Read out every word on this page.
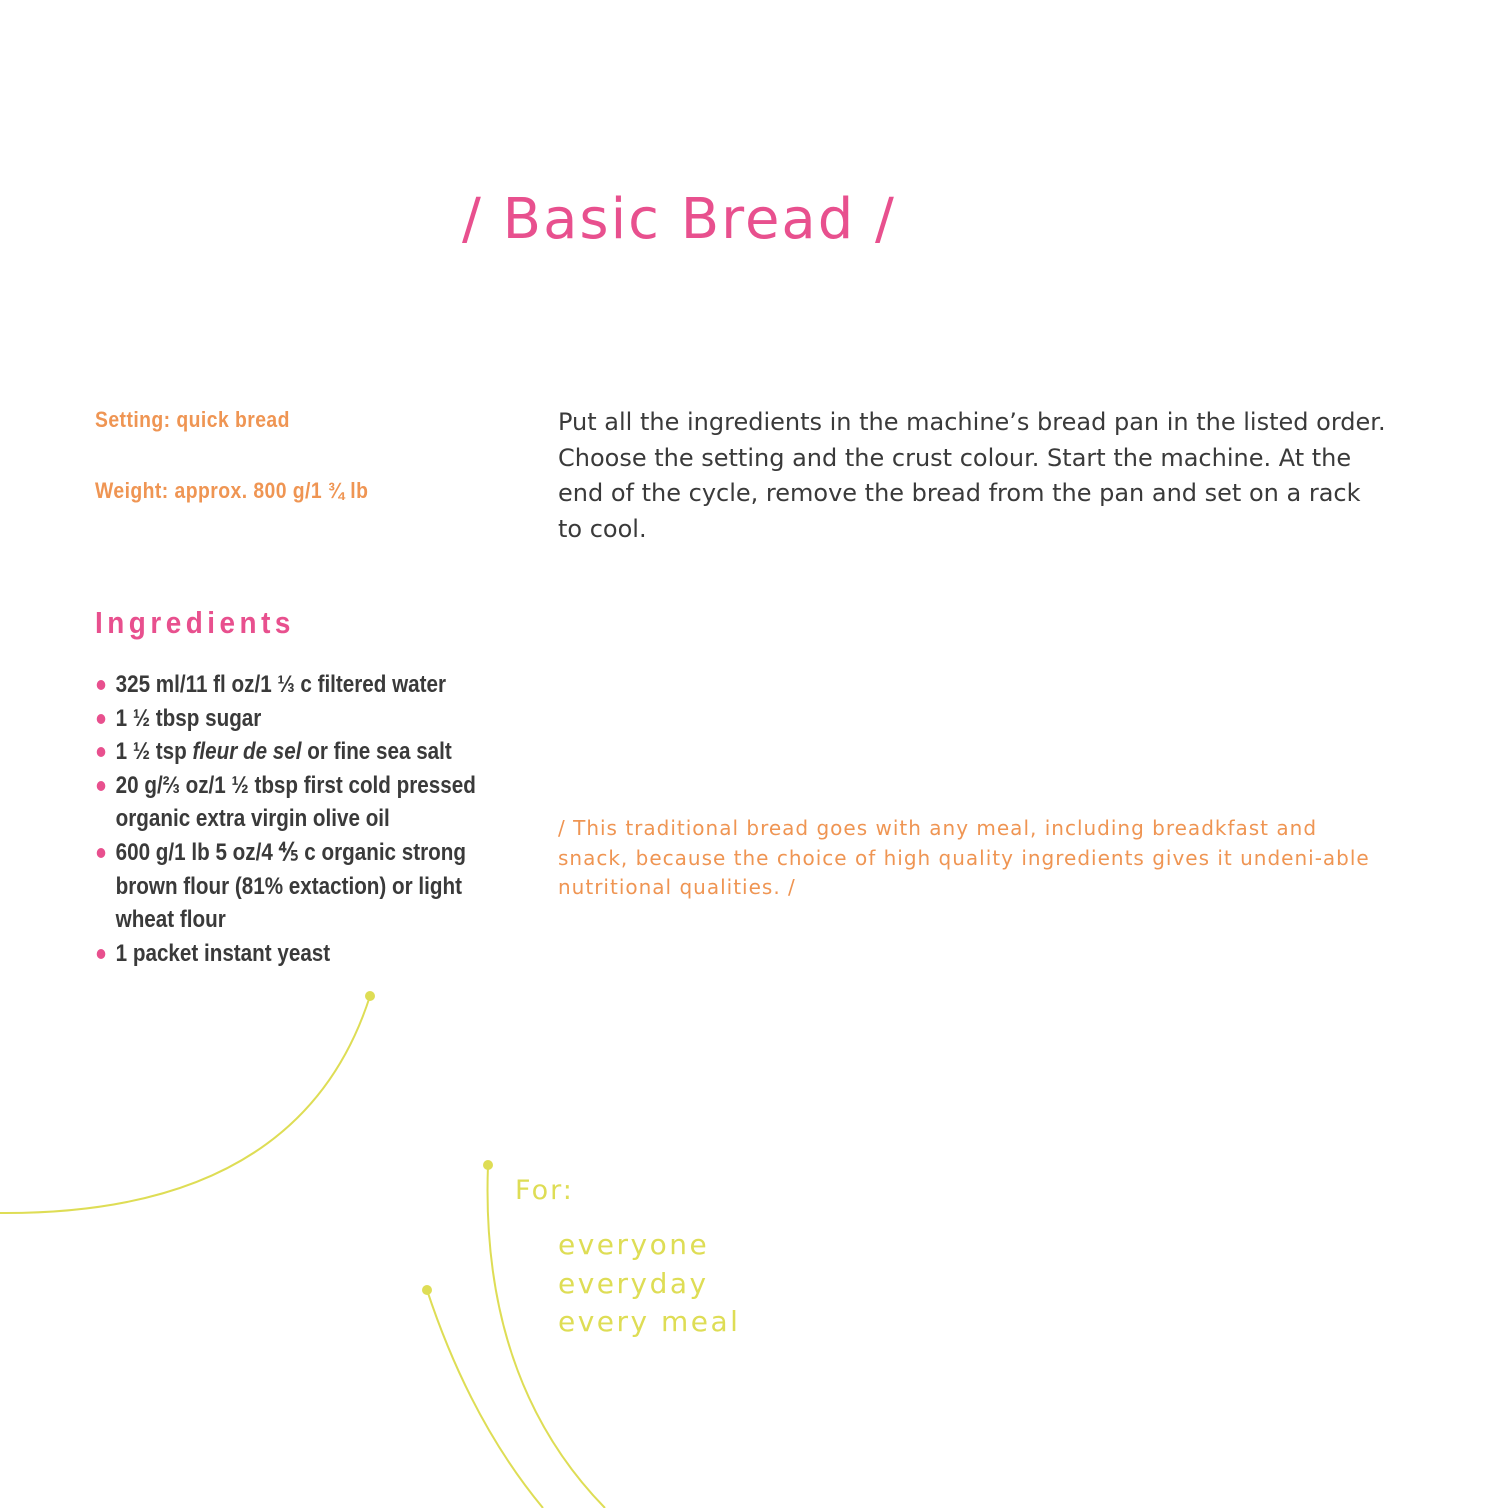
/ Basic Bread /
Setting: quick bread
Weight: approx. 800 g/1 ¾ lb

Put all the ingredients in the machine’s bread pan in the listed order. Choose the setting and the crust colour. Start the machine. At the end of the cycle, remove the bread from the pan and set on a rack to cool.

Ingredients
325 ml/11 fl oz/1 ⅓ c filtered water
1 ½ tbsp sugar
1 ½ tsp fleur de sel or fine sea salt
20 g/⅔ oz/1 ½ tbsp first cold pressed organic extra virgin olive oil
600 g/1 lb 5 oz/4 ⅘ c organic strong brown flour (81% extaction) or light wheat flour
1 packet instant yeast

/ This traditional bread goes with any meal, including breadkfast and snack, because the choice of high quality ingredients gives it undeni-able nutritional qualities. /

For:
everyone
everyday
every meal
